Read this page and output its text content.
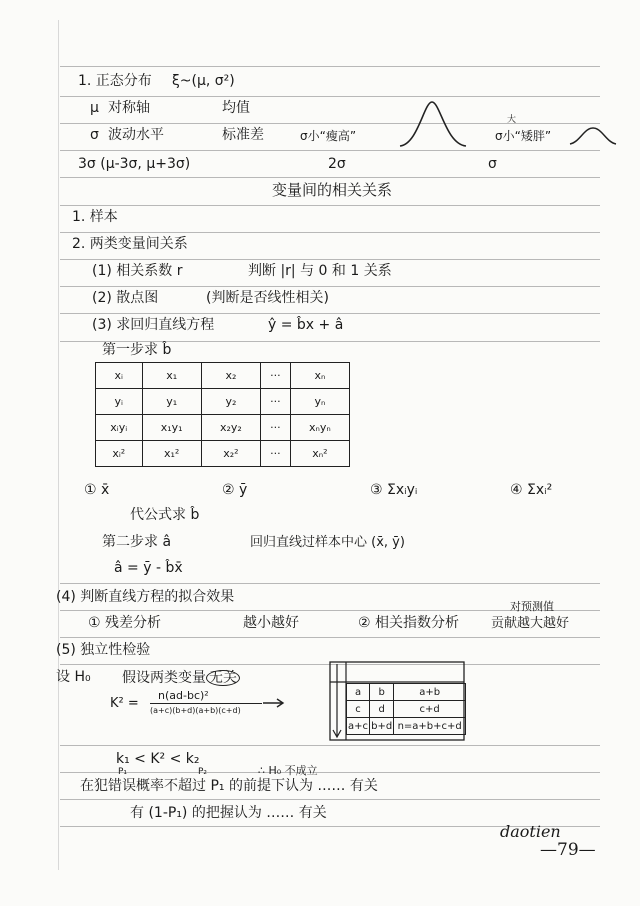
1. 正态分布 ξ~(μ, σ²)
μ 对称轴	均值
σ 波动水平	标准差	σ小“瘦高”
大
σ小“矮胖”
3σ (μ-3σ, μ+3σ)	2σ	σ
变量间的相关关系
1. 样本
2. 两类变量间关系
(1) 相关系数 r	判断 |r| 与 0 和 1 关系
(2) 散点图	(判断是否线性相关)
(3) 求回归直线方程	ŷ = b̂x + â
第一步求 b̂
xᵢ	x₁	x₂	···	xₙ
yᵢ	y₁	y₂	···	yₙ
xᵢyᵢ	x₁y₁	x₂y₂	···	xₙyₙ
xᵢ²	x₁²	x₂²	···	xₙ²
① x̄	② ȳ	③ Σxᵢyᵢ	④ Σxᵢ²
代公式求 b̂
第二步求 â	回归直线过样本中心 (x̄, ȳ)
â = ȳ - b̂x̄
(4) 判断直线方程的拟合效果
① 残差分析	越小越好	② 相关指数分析
对预测值
贡献越大越好
(5) 独立性检验
设 H₀ 假设两类变量 无关
K² =
n(ad-bc)²
(a+c)(b+d)(a+b)(c+d)
a	b	a+b
c	d	c+d
a+c	b+d	n=a+b+c+d
k₁ < K² < k₂
P₁	P₂	∴ H₀ 不成立
在犯错误概率不超过 P₁ 的前提下认为 …… 有关
有 (1-P₁) 的把握认为 …… 有关
daotien
—79—
